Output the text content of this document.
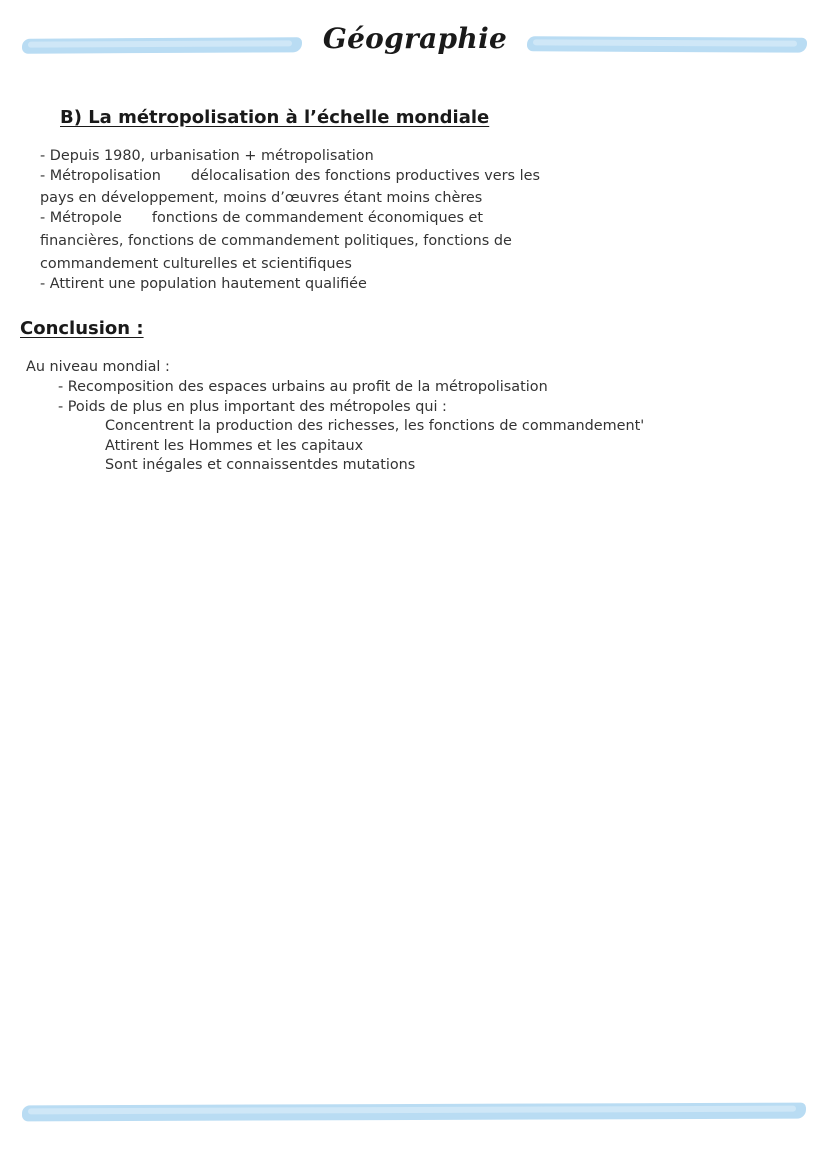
Géographie
B) La métropolisation à l’échelle mondiale
- Depuis 1980, urbanisation + métropolisation
- Métropolisation délocalisation des fonctions productives vers les
pays en développement, moins d’œuvres étant moins chères
- Métropole fonctions de commandement économiques et
financières, fonctions de commandement politiques, fonctions de
commandement culturelles et scientifiques
- Attirent une population hautement qualifiée
Conclusion :
Au niveau mondial :
- Recomposition des espaces urbains au profit de la métropolisation
- Poids de plus en plus important des métropoles qui :
Concentrent la production des richesses, les fonctions de commandement'
Attirent les Hommes et les capitaux
Sont inégales et connaissentdes mutations
